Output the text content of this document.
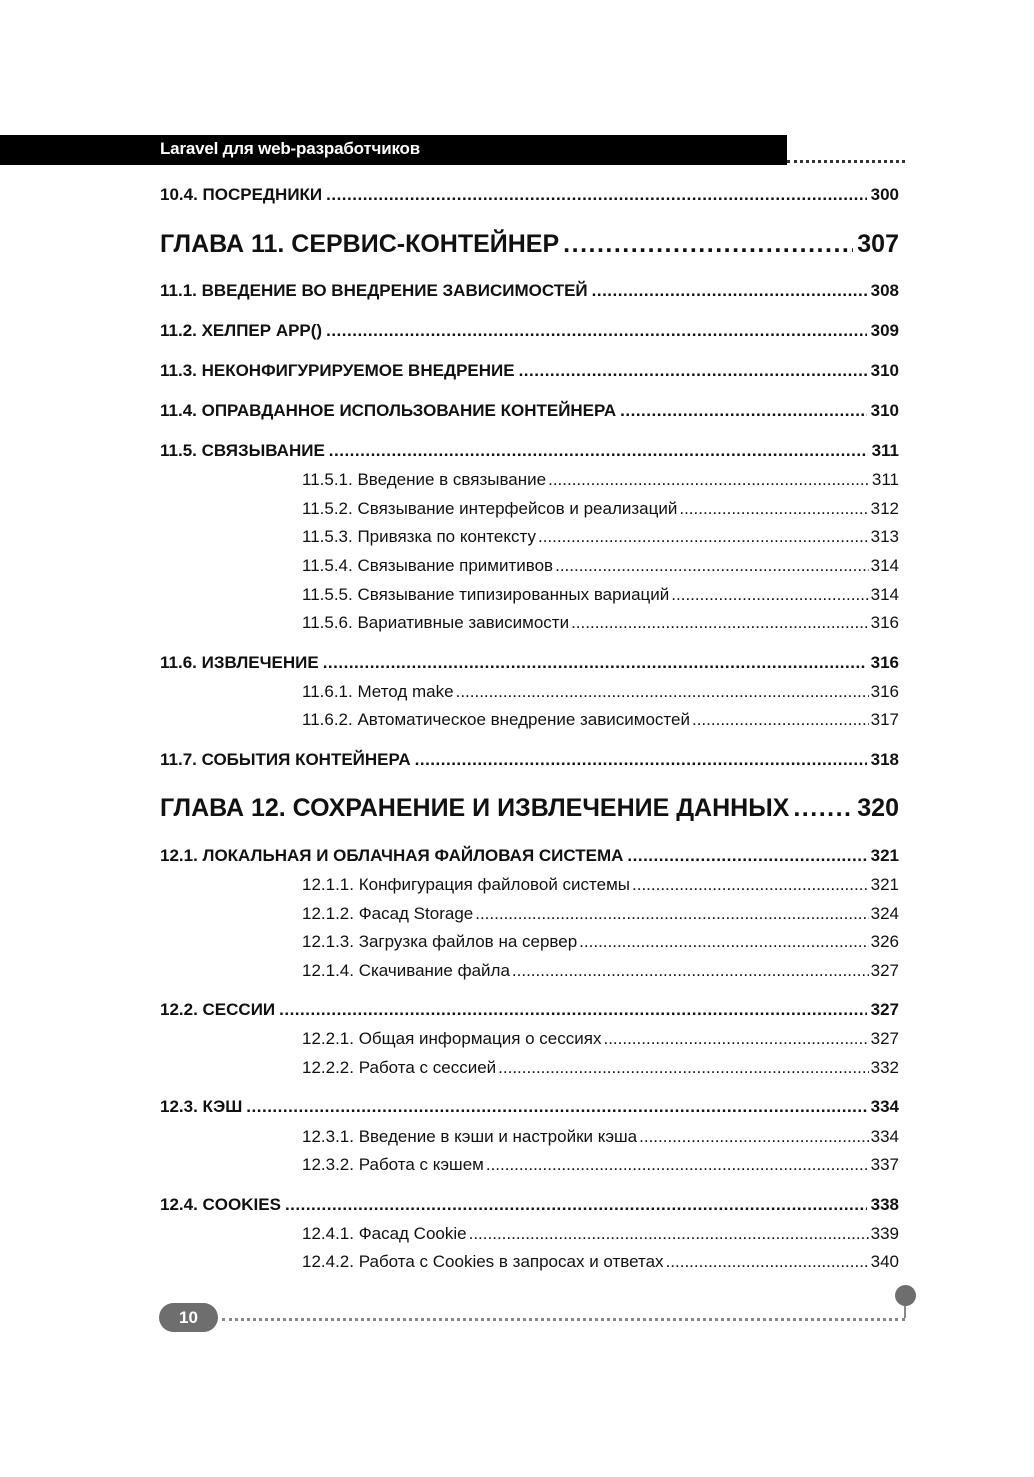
Laravel для web-разработчиков
10.4. ПОСРЕДНИКИ .....	300
ГЛАВА 11. СЕРВИС-КОНТЕЙНЕР .....	307
11.1. ВВЕДЕНИЕ ВО ВНЕДРЕНИЕ ЗАВИСИМОСТЕЙ .....	308
11.2. ХЕЛПЕР APP() .....	309
11.3. НЕКОНФИГУРИРУЕМОЕ ВНЕДРЕНИЕ .....	310
11.4. ОПРАВДАННОЕ ИСПОЛЬЗОВАНИЕ КОНТЕЙНЕРА .....	310
11.5. СВЯЗЫВАНИЕ .....	311
11.5.1. Введение в связывание .....	311
11.5.2. Связывание интерфейсов и реализаций .....	312
11.5.3. Привязка по контексту .....	313
11.5.4. Связывание примитивов .....	314
11.5.5. Связывание типизированных вариаций .....	314
11.5.6. Вариативные зависимости .....	316
11.6. ИЗВЛЕЧЕНИЕ .....	316
11.6.1. Метод make .....	316
11.6.2. Автоматическое внедрение зависимостей .....	317
11.7. СОБЫТИЯ КОНТЕЙНЕРА .....	318
ГЛАВА 12. СОХРАНЕНИЕ И ИЗВЛЕЧЕНИЕ ДАННЫХ .....	320
12.1. ЛОКАЛЬНАЯ И ОБЛАЧНАЯ ФАЙЛОВАЯ СИСТЕМА .....	321
12.1.1. Конфигурация файловой системы .....	321
12.1.2. Фасад Storage .....	324
12.1.3. Загрузка файлов на сервер .....	326
12.1.4. Скачивание файла .....	327
12.2. СЕССИИ .....	327
12.2.1. Общая информация о сессиях .....	327
12.2.2. Работа с сессией .....	332
12.3. КЭШ .....	334
12.3.1. Введение в кэши и настройки кэша .....	334
12.3.2. Работа с кэшем .....	337
12.4. COOKIES .....	338
12.4.1. Фасад Cookie .....	339
12.4.2. Работа с Cookies в запросах и ответах .....	340
10
